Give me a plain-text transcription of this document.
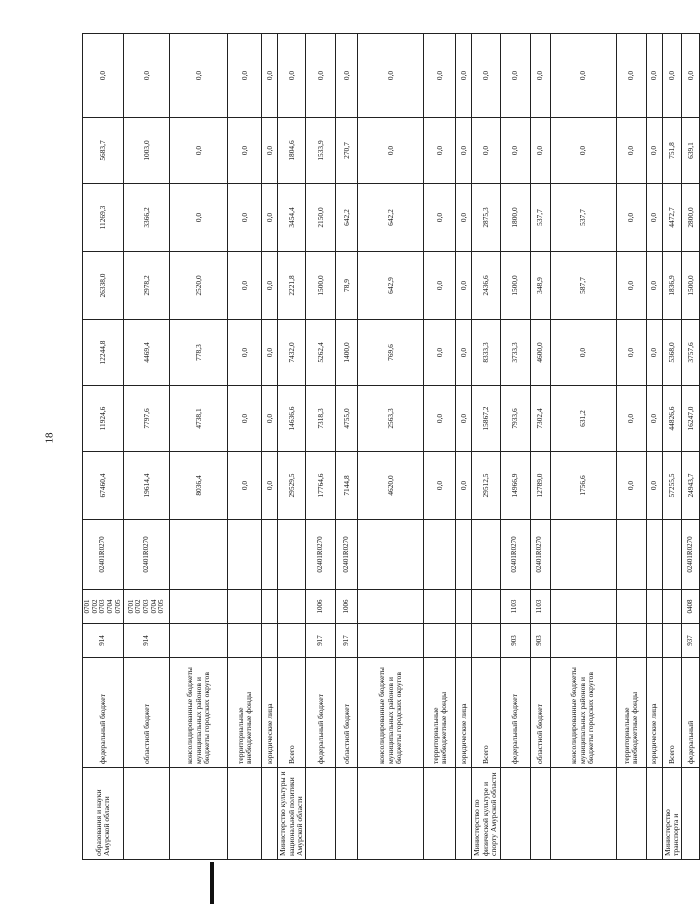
18
образования и науки Амурской области	федеральный бюджет	914	0701 0702 0703 0704 0705	02401R0270	67460,4	11924,6	12244,8	26338,0	11269,3	5683,7	0,0
	областной бюджет	914	0701 0702 0703 0704 0705	02401R0270	19614,4	7797,6	4469,4	2978,2	3366,2	1003,0	0,0
	консолидированные бюджеты муниципальных районов и бюджеты городских округов				8036,4	4738,1	778,3	2520,0	0,0	0,0	0,0
	территориальные внебюджетные фонды				0,0	0,0	0,0	0,0	0,0	0,0	0,0
	юридические лица				0,0	0,0	0,0	0,0	0,0	0,0	0,0
Министерство культуры и национальной политики Амурской области	Всего				29529,5	14636,6	7432,0	2221,8	3454,4	1804,6	0,0
	федеральный бюджет	917	1006	02401R0270	17764,6	7318,3	5262,4	1500,0	2150,0	1533,9	0,0
	областной бюджет	917	1006	02401R0270	7144,8	4755,0	1400,0	78,9	642,2	270,7	0,0
	консолидированные бюджеты муниципальных районов и бюджеты городских округов				4620,0	2563,3	769,6	642,9	642,2	0,0	0,0
	территориальные внебюджетные фонды				0,0	0,0	0,0	0,0	0,0	0,0	0,0
	юридические лица				0,0	0,0	0,0	0,0	0,0	0,0	0,0
Министерство по физической культуре и спорту Амурской области	Всего				29512,5	15867,2	8333,3	2436,6	2875,3	0,0	0,0
	федеральный бюджет	903	1103	02401R0270	14966,9	7933,6	3733,3	1500,0	1800,0	0,0	0,0
	областной бюджет	903	1103	02401R0270	12789,0	7302,4	4600,0	348,9	537,7	0,0	0,0
	консолидированные бюджеты муниципальных районов и бюджеты городских округов				1756,6	631,2	0,0	587,7	537,7	0,0	0,0
	территориальные внебюджетные фонды				0,0	0,0	0,0	0,0	0,0	0,0	0,0
	юридические лица				0,0	0,0	0,0	0,0	0,0	0,0	0,0
Министерство транспорта и	Всего				57255,5	44826,6	5368,0	1836,9	4472,7	751,8	0,0
	федеральный	937	0408	02401R0270	24943,7	16247,0	3757,6	1500,0	2800,0	639,1	0,0
